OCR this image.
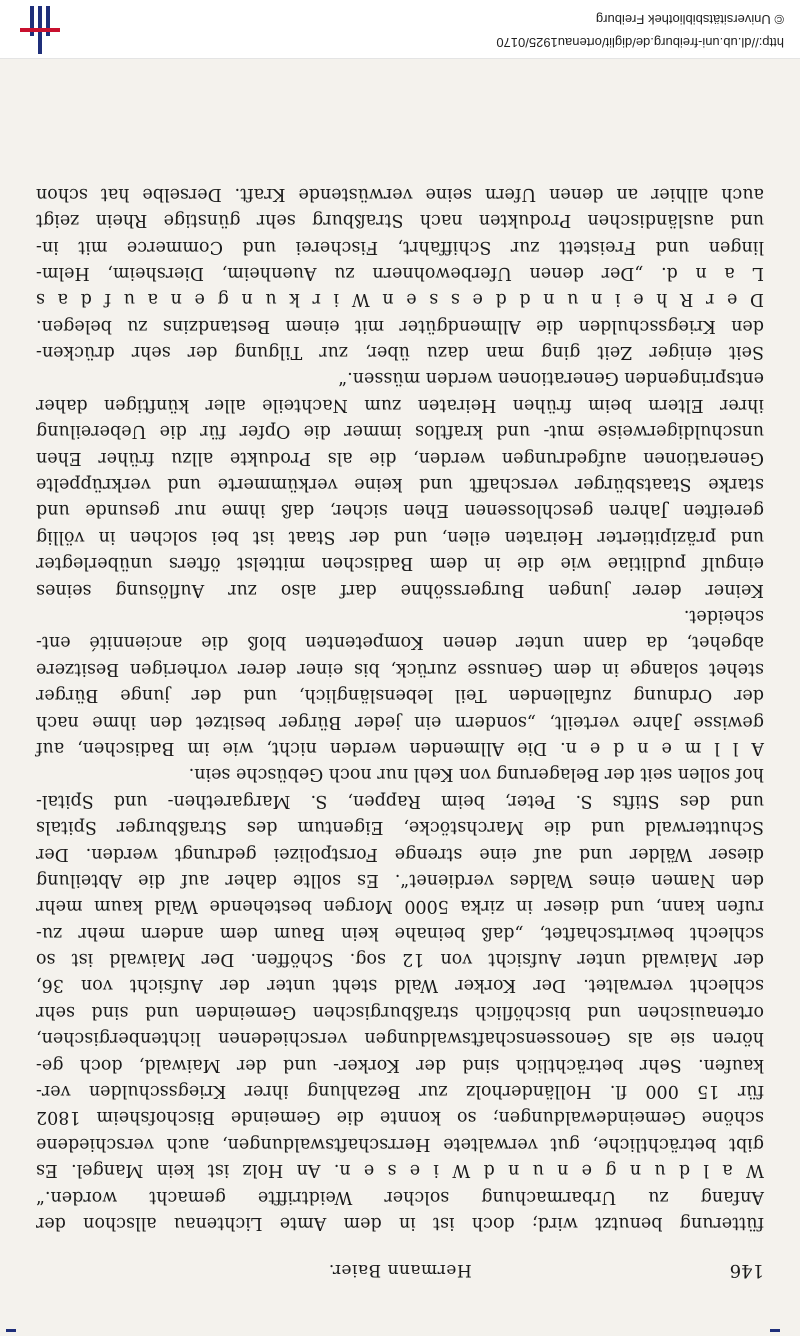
146
Hermann Baier.
fütterung benutzt wird; doch ist in dem Amte Lichtenau allschon der
Anfang zu Urbarmachung solcher Weidtriffte gemacht worden.“
W a l d u n g e n u n d W i e s e n. An Holz ist kein Mangel. Es
gibt beträchtliche, gut verwaltete Herrschaftswaldungen, auch verschiedene
schöne Gemeindewaldungen; so konnte die Gemeinde Bischofsheim 1802
für 15 000 fl. Holländerholz zur Bezahlung ihrer Kriegsschulden ver-
kaufen. Sehr beträchtlich sind der Korker- und der Maiwald, doch ge-
hören sie als Genossenschaftswaldungen verschiedenen lichtenbergischen,
ortenauischen und bischöflich straßburgischen Gemeinden und sind sehr
schlecht verwaltet. Der Korker Wald steht unter der Aufsicht von 36,
der Maiwald unter Aufsicht von 12 sog. Schöffen. Der Maiwald ist so
schlecht bewirtschaftet, „daß beinahe kein Baum dem andern mehr zu-
rufen kann, und dieser in zirka 5000 Morgen bestehende Wald kaum mehr
den Namen eines Waldes verdienet“. Es sollte daher auf die Abteilung
dieser Wälder und auf eine strenge Forstpolizei gedrungt werden. Der
Schutterwald und die Marchstöcke, Eigentum des Straßburger Spitals
und des Stifts S. Peter, beim Rappen, S. Margarethen- und Spital-
hof sollen seit der Belagerung von Kehl nur noch Gebüsche sein.
A l l m e n d e n. Die Allmenden werden nicht, wie im Badischen, auf
gewisse Jahre verteilt, „sondern ein jeder Bürger besitzet den ihme nach
der Ordnung zufallenden Teil lebenslänglich, und der junge Bürger
stehet solange in dem Genusse zurück, bis einer derer vorherigen Besitzere
abgehet, da dann unter denen Kompetenten bloß die anciennité ent-
scheidet.
Keiner derer jungen Burgerssöhne darf also zur Auflösung seines
eingulf pudlitiae wie die in dem Badischen mittelst öfters unüberlegter
und präzipitierter Heiraten eilen, und der Staat ist bei solchen in völlig
gereiften Jahren geschlossenen Ehen sicher, daß ihme nur gesunde und
starke Staatsbürger verschafft und keine verkümmerte und verkrüppelte
Generationen aufgedrungen werden, die als Produkte allzu früher Ehen
unschuldigerweise mut- und kraftlos immer die Opfer für die Uebereilung
ihrer Eltern beim frühen Heiraten zum Nachteile aller künftigen daher
entspringenden Generationen werden müssen.“
Seit einiger Zeit ging man dazu über, zur Tilgung der sehr drücken-
den Kriegsschulden die Allmendgüter mit einem Bestandzins zu belegen.
D e r R h e i n u n d d e s s e n W i r k u n g e n a u f d a s
L a n d. „Der denen Uferbewohnern zu Auenheim, Diersheim, Helm-
lingen und Freistett zur Schiffahrt, Fischerei und Commerce mit in-
und ausländischen Produkten nach Straßburg sehr günstige Rhein zeigt
auch allhier an denen Ufern seine verwüstende Kraft. Derselbe hat schon
http://dl.ub.uni-freiburg.de/diglit/ortenau1925/0170
© Universitätsbibliothek Freiburg
